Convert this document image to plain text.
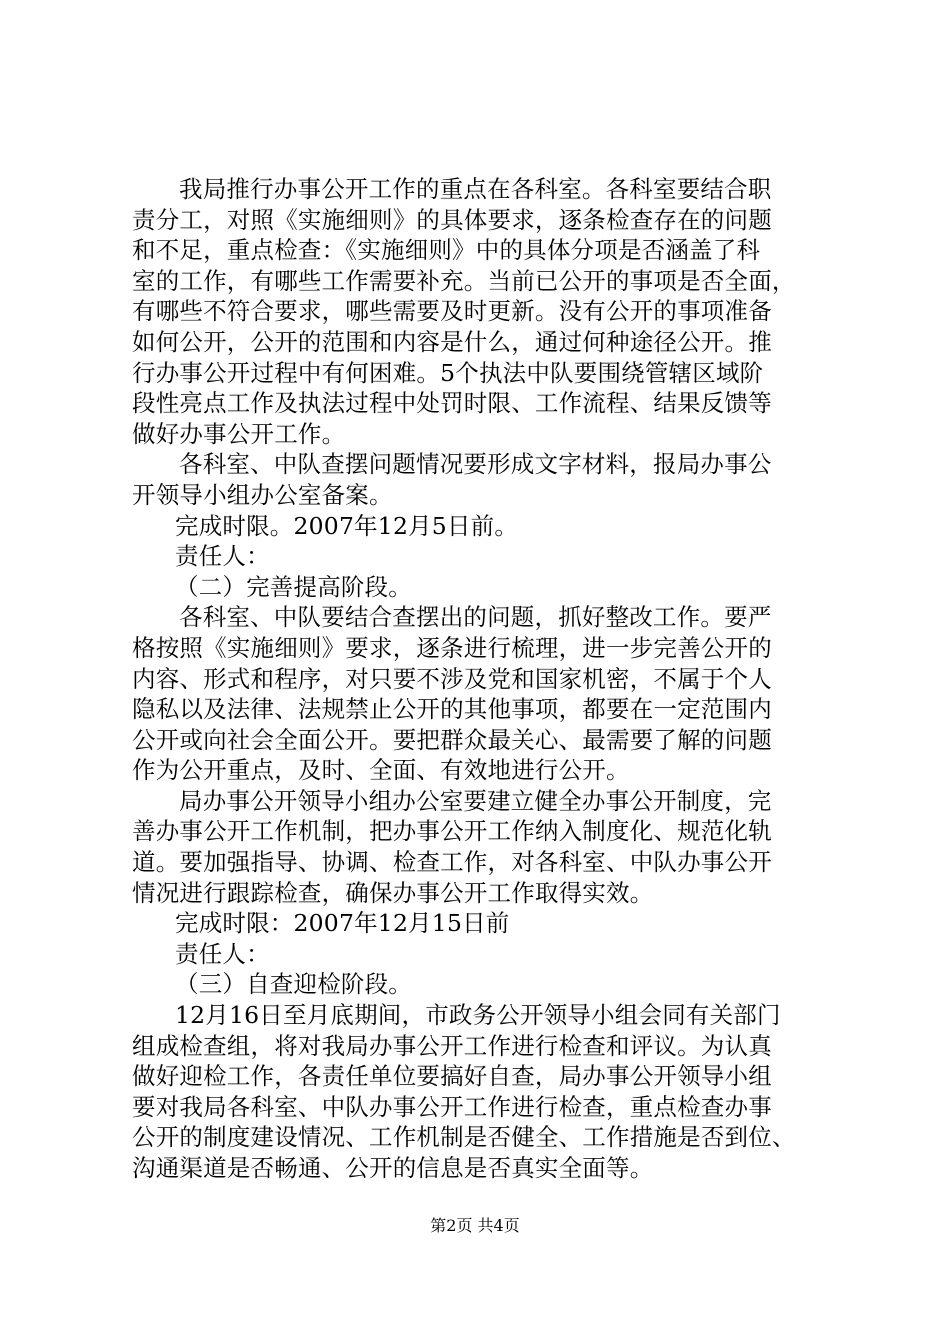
我局推行办事公开工作的重点在各科室。各科室要结合职
责分工，对照《实施细则》的具体要求，逐条检查存在的问题
和不足，重点检查：《实施细则》中的具体分项是否涵盖了科
室的工作，有哪些工作需要补充。当前已公开的事项是否全面，
有哪些不符合要求，哪些需要及时更新。没有公开的事项准备
如何公开，公开的范围和内容是什么，通过何种途径公开。推
行办事公开过程中有何困难。5个执法中队要围绕管辖区域阶
段性亮点工作及执法过程中处罚时限、工作流程、结果反馈等
做好办事公开工作。
各科室、中队查摆问题情况要形成文字材料，报局办事公
开领导小组办公室备案。
完成时限。2007年12月5日前。
责任人：
（二）完善提高阶段。
各科室、中队要结合查摆出的问题，抓好整改工作。要严
格按照《实施细则》要求，逐条进行梳理，进一步完善公开的
内容、形式和程序，对只要不涉及党和国家机密，不属于个人
隐私以及法律、法规禁止公开的其他事项，都要在一定范围内
公开或向社会全面公开。要把群众最关心、最需要了解的问题
作为公开重点，及时、全面、有效地进行公开。
局办事公开领导小组办公室要建立健全办事公开制度，完
善办事公开工作机制，把办事公开工作纳入制度化、规范化轨
道。要加强指导、协调、检查工作，对各科室、中队办事公开
情况进行跟踪检查，确保办事公开工作取得实效。
完成时限：2007年12月15日前
责任人：
（三）自查迎检阶段。
12月16日至月底期间，市政务公开领导小组会同有关部门
组成检查组，将对我局办事公开工作进行检查和评议。为认真
做好迎检工作，各责任单位要搞好自查，局办事公开领导小组
要对我局各科室、中队办事公开工作进行检查，重点检查办事
公开的制度建设情况、工作机制是否健全、工作措施是否到位、
沟通渠道是否畅通、公开的信息是否真实全面等。
第2页 共4页
